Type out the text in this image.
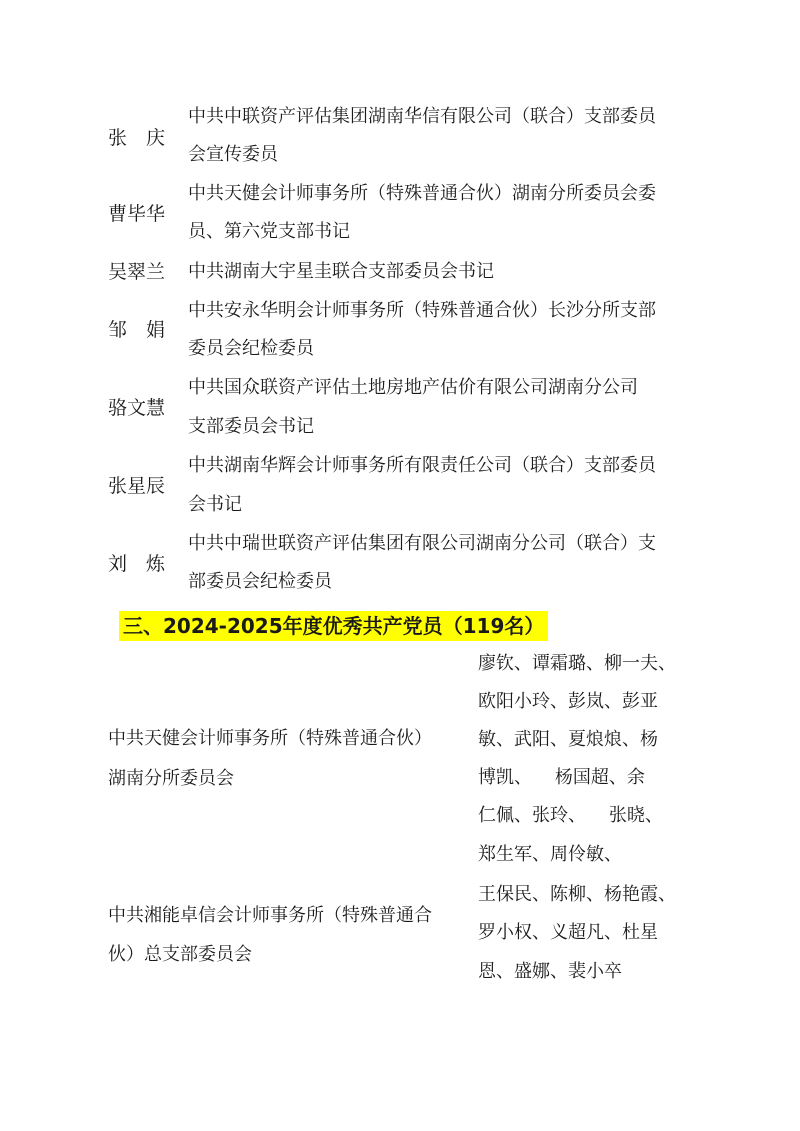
张　庆
中共中联资产评估集团湖南华信有限公司（联合）支部委员
会宣传委员
曹毕华
中共天健会计师事务所（特殊普通合伙）湖南分所委员会委
员、第六党支部书记
吴翠兰	中共湖南大宇星圭联合支部委员会书记
邹　娟
中共安永华明会计师事务所（特殊普通合伙）长沙分所支部
委员会纪检委员
骆文慧
中共国众联资产评估土地房地产估价有限公司湖南分公司
支部委员会书记
张星辰
中共湖南华辉会计师事务所有限责任公司（联合）支部委员
会书记
刘　炼
中共中瑞世联资产评估集团有限公司湖南分公司（联合）支
部委员会纪检委员
三、2024-2025年度优秀共产党员（119名）
中共天健会计师事务所（特殊普通合伙）
湖南分所委员会
廖钦、谭霜璐、柳一夫、
欧阳小玲、彭岚、彭亚
敏、武阳、夏烺烺、杨
博凯、    杨国超、余
仁佩、张玲、    张晓、
郑生军、周伶敏、
中共湘能卓信会计师事务所（特殊普通合
伙）总支部委员会
王保民、陈柳、杨艳霞、
罗小权、义超凡、杜星
恩、盛娜、裴小卒
